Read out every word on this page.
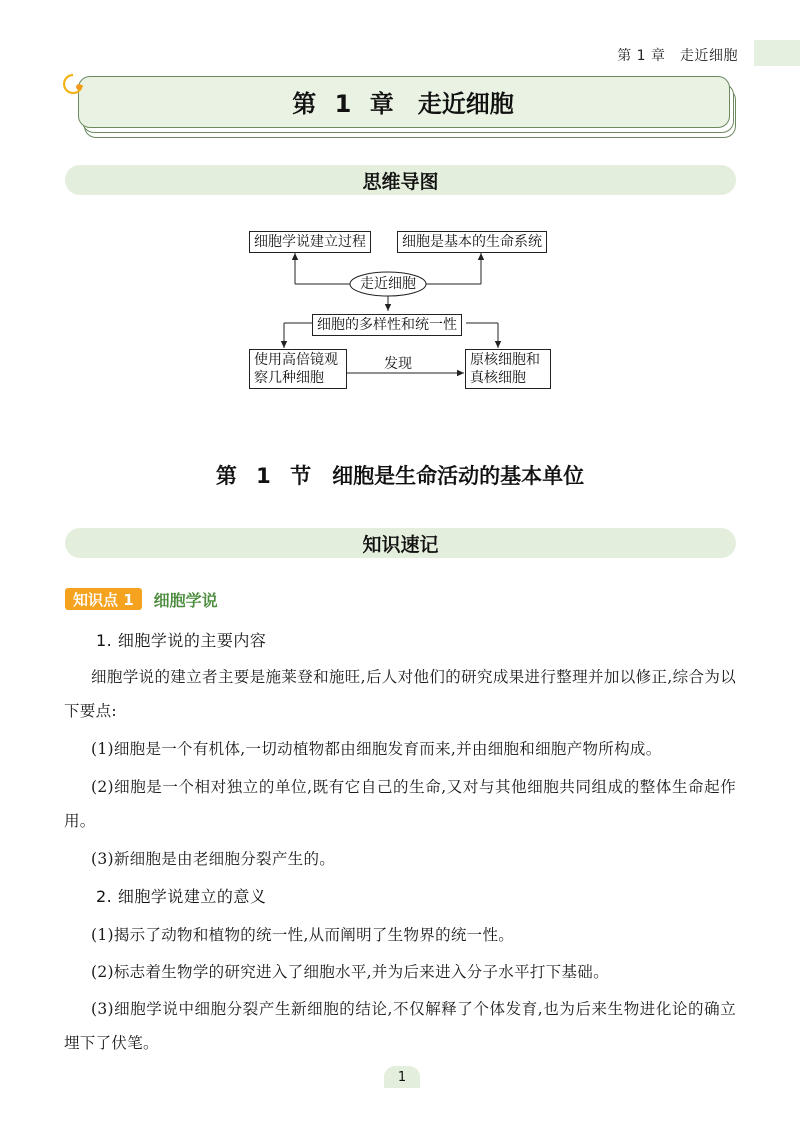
第 1 章　走近细胞
第 1 章　走近细胞
思维导图
细胞学说建立过程	细胞是基本的生命系统
走近细胞
细胞的多样性和统一性
使用高倍镜观
察几种细胞
发现	原核细胞和
真核细胞
第 1 节　细胞是生命活动的基本单位
知识速记
知识点 1	细胞学说
1. 细胞学说的主要内容
细胞学说的建立者主要是施莱登和施旺,后人对他们的研究成果进行整理并加以修正,综合为以下要点:
(1)细胞是一个有机体,一切动植物都由细胞发育而来,并由细胞和细胞产物所构成。
(2)细胞是一个相对独立的单位,既有它自己的生命,又对与其他细胞共同组成的整体生命起作用。
(3)新细胞是由老细胞分裂产生的。
2. 细胞学说建立的意义
(1)揭示了动物和植物的统一性,从而阐明了生物界的统一性。
(2)标志着生物学的研究进入了细胞水平,并为后来进入分子水平打下基础。
(3)细胞学说中细胞分裂产生新细胞的结论,不仅解释了个体发育,也为后来生物进化论的确立埋下了伏笔。
1
